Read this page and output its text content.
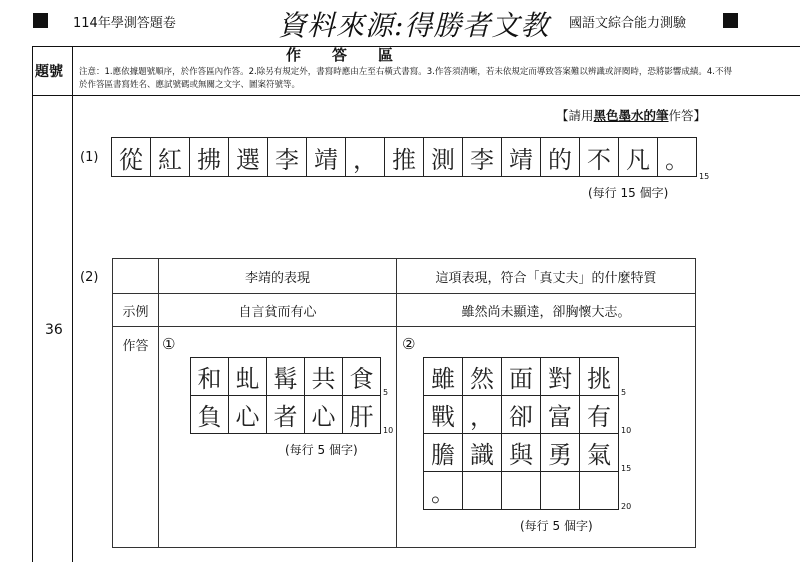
114年學測答題卷	資料來源:得勝者文教 國語文綜合能力測驗
作　答　區
題號 注意：1.應依據題號順序，於作答區內作答。2.除另有規定外，書寫時應由左至右橫式書寫。3.作答須清晰，若未依規定而導致答案難以辨識或評閱時，恐將影響成績。4.不得於作答區書寫姓名、應試號碼或無關之文字、圖案符號等。
【請用黑色墨水的筆作答】
36
(1) 從 紅 拂 選 李 靖 ， 推 測 李 靖 的 不 凡 。
15
(每行 15 個字)
(2)
		李靖的表現	這項表現，符合「真丈夫」的什麼特質
示例	自言貧而有心	雖然尚未顯達，卻胸懷大志。
作答		①
和 虬 髯 共 食
負 心 者 心 肝
5
10
(每行 5 個字)
②
雖 然 面 對 挑
戰 ， 卻 富 有
膽 識 與 勇 氣
。
5
10
15
20
(每行 5 個字)
